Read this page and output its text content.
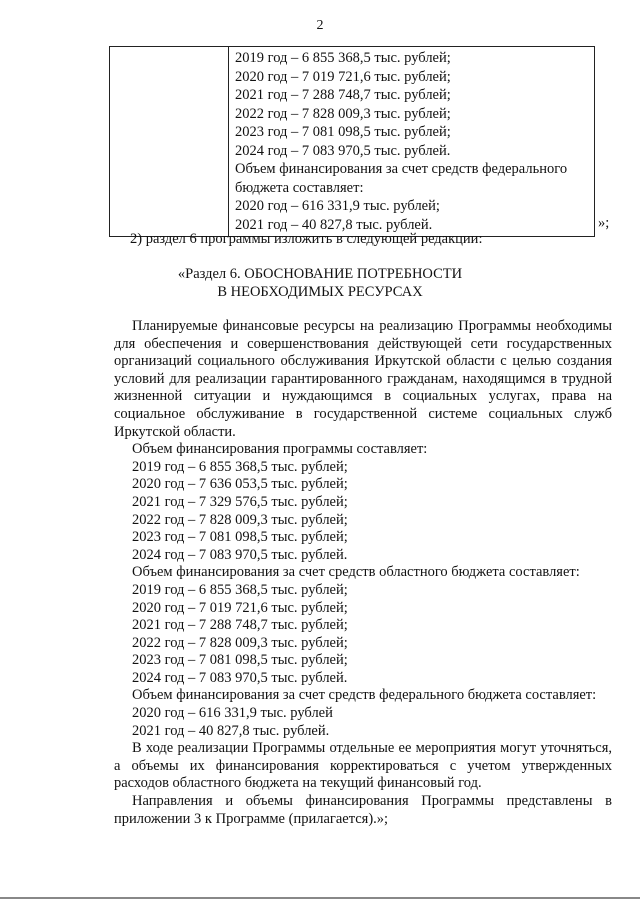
2

2019 год – 6 855 368,5 тыс. рублей;
2020 год – 7 019 721,6 тыс. рублей;
2021 год – 7 288 748,7 тыс. рублей;
2022 год – 7 828 009,3 тыс. рублей;
2023 год – 7 081 098,5 тыс. рублей;
2024 год – 7 083 970,5 тыс. рублей.
Объем финансирования за счет средств федерального бюджета составляет:
2020 год – 616 331,9 тыс. рублей;
2021 год – 40 827,8 тыс. рублей.	»;
2) раздел 6 программы изложить в следующей редакции:
«Раздел 6. ОБОСНОВАНИЕ ПОТРЕБНОСТИ
В НЕОБХОДИМЫХ РЕСУРСАХ

Планируемые финансовые ресурсы на реализацию Программы необходимы для обеспечения и совершенствования действующей сети государственных организаций социального обслуживания Иркутской области с целью создания условий для реализации гарантированного гражданам, находящимся в трудной жизненной ситуации и нуждающимся в социальных услугах, права на социальное обслуживание в государственной системе социальных служб Иркутской области.

Объем финансирования программы составляет:
2019 год – 6 855 368,5 тыс. рублей;
2020 год – 7 636 053,5 тыс. рублей;
2021 год – 7 329 576,5 тыс. рублей;
2022 год – 7 828 009,3 тыс. рублей;
2023 год – 7 081 098,5 тыс. рублей;
2024 год – 7 083 970,5 тыс. рублей.
Объем финансирования за счет средств областного бюджета составляет:
2019 год – 6 855 368,5 тыс. рублей;
2020 год – 7 019 721,6 тыс. рублей;
2021 год – 7 288 748,7 тыс. рублей;
2022 год – 7 828 009,3 тыс. рублей;
2023 год – 7 081 098,5 тыс. рублей;
2024 год – 7 083 970,5 тыс. рублей.
Объем финансирования за счет средств федерального бюджета составляет:
2020 год – 616 331,9 тыс. рублей
2021 год – 40 827,8 тыс. рублей.

В ходе реализации Программы отдельные ее мероприятия могут уточняться, а объемы их финансирования корректироваться с учетом утвержденных расходов областного бюджета на текущий финансовый год.

Направления и объемы финансирования Программы представлены в приложении 3 к Программе (прилагается).»;
